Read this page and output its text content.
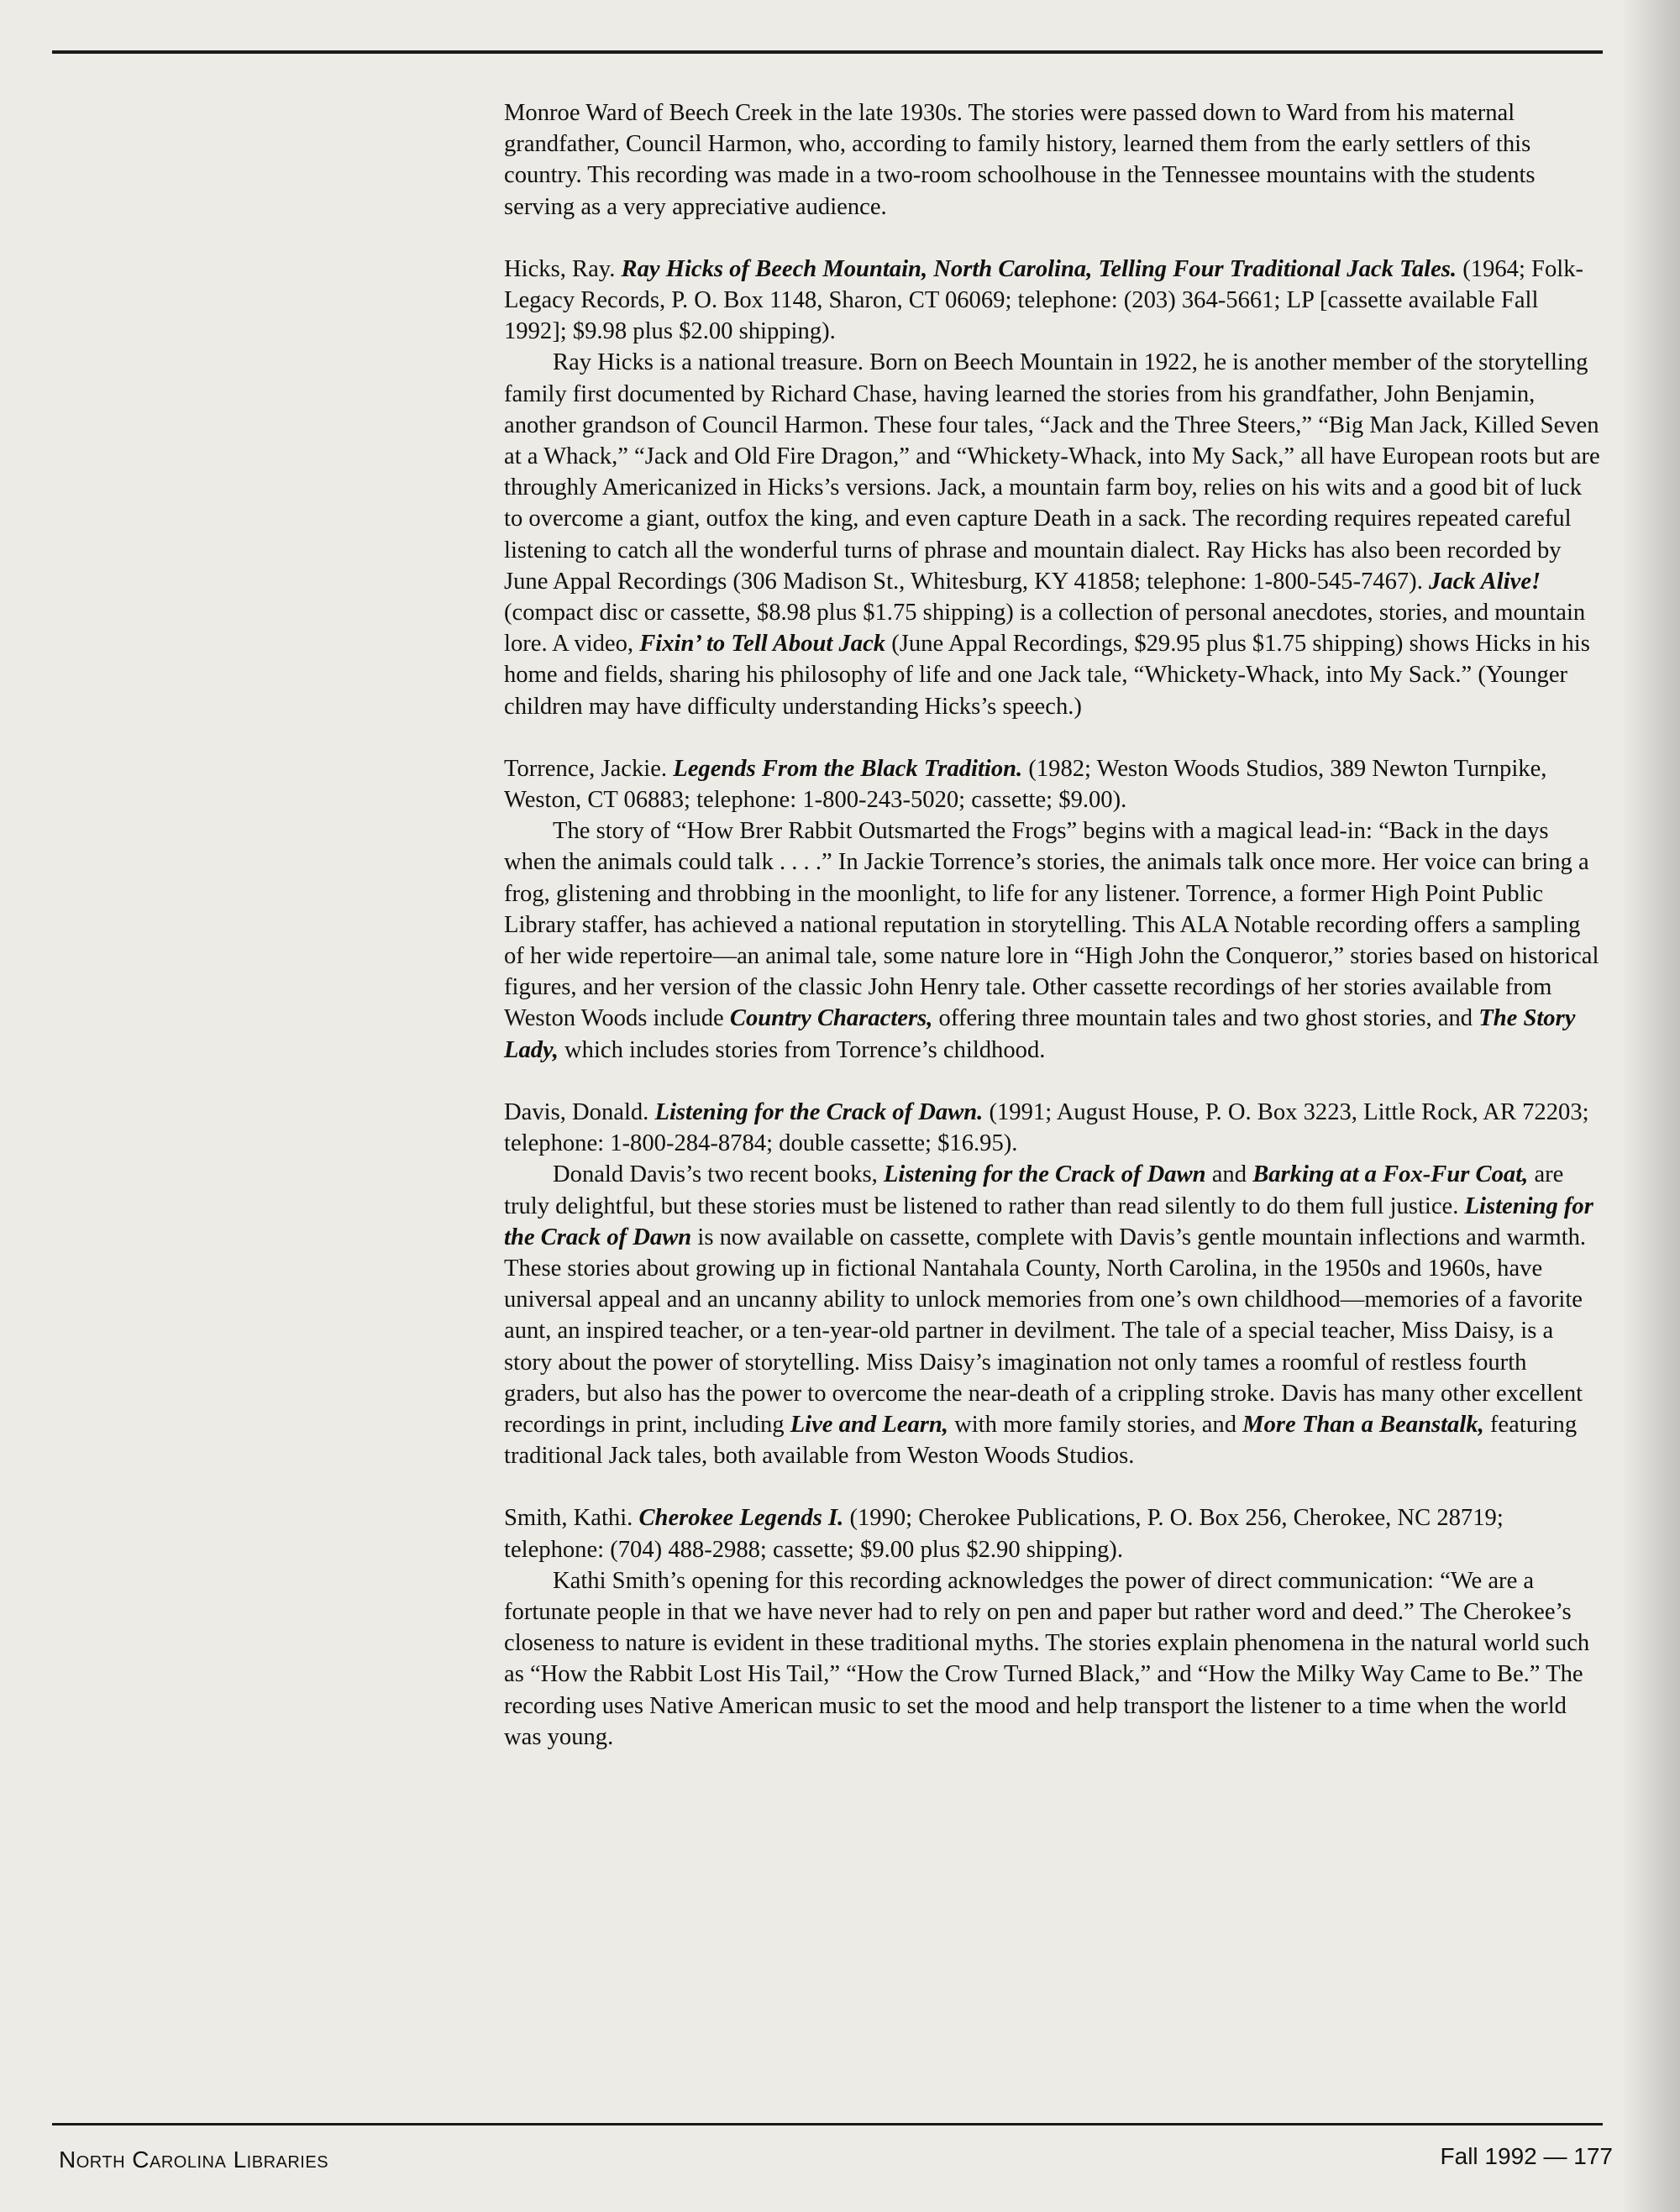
Monroe Ward of Beech Creek in the late 1930s. The stories were passed down to Ward from his maternal grandfather, Council Harmon, who, according to family history, learned them from the early settlers of this country. This recording was made in a two-room schoolhouse in the Tennessee mountains with the students serving as a very appreciative audience.

Hicks, Ray. Ray Hicks of Beech Mountain, North Carolina, Telling Four Traditional Jack Tales. (1964; Folk-Legacy Records, P. O. Box 1148, Sharon, CT 06069; telephone: (203) 364-5661; LP [cassette available Fall 1992]; $9.98 plus $2.00 shipping).

Ray Hicks is a national treasure. Born on Beech Mountain in 1922, he is another member of the storytelling family first documented by Richard Chase, having learned the stories from his grandfather, John Benjamin, another grandson of Council Harmon. These four tales, “Jack and the Three Steers,” “Big Man Jack, Killed Seven at a Whack,” “Jack and Old Fire Dragon,” and “Whickety-Whack, into My Sack,” all have European roots but are throughly Americanized in Hicks’s versions. Jack, a mountain farm boy, relies on his wits and a good bit of luck to overcome a giant, outfox the king, and even capture Death in a sack. The recording requires repeated careful listening to catch all the wonderful turns of phrase and mountain dialect. Ray Hicks has also been recorded by June Appal Recordings (306 Madison St., Whitesburg, KY 41858; telephone: 1-800-545-7467). Jack Alive! (compact disc or cassette, $8.98 plus $1.75 shipping) is a collection of personal anecdotes, stories, and mountain lore. A video, Fixin’ to Tell About Jack (June Appal Recordings, $29.95 plus $1.75 shipping) shows Hicks in his home and fields, sharing his philosophy of life and one Jack tale, “Whickety-Whack, into My Sack.” (Younger children may have difficulty understanding Hicks’s speech.)

Torrence, Jackie. Legends From the Black Tradition. (1982; Weston Woods Studios, 389 Newton Turnpike, Weston, CT 06883; telephone: 1-800-243-5020; cassette; $9.00).

The story of “How Brer Rabbit Outsmarted the Frogs” begins with a magical lead-in: “Back in the days when the animals could talk . . . .” In Jackie Torrence’s stories, the animals talk once more. Her voice can bring a frog, glistening and throbbing in the moonlight, to life for any listener. Torrence, a former High Point Public Library staffer, has achieved a national reputation in storytelling. This ALA Notable recording offers a sampling of her wide repertoire—an animal tale, some nature lore in “High John the Conqueror,” stories based on historical figures, and her version of the classic John Henry tale. Other cassette recordings of her stories available from Weston Woods include Country Characters, offering three mountain tales and two ghost stories, and The Story Lady, which includes stories from Torrence’s childhood.

Davis, Donald. Listening for the Crack of Dawn. (1991; August House, P. O. Box 3223, Little Rock, AR 72203; telephone: 1-800-284-8784; double cassette; $16.95).

Donald Davis’s two recent books, Listening for the Crack of Dawn and Barking at a Fox-Fur Coat, are truly delightful, but these stories must be listened to rather than read silently to do them full justice. Listening for the Crack of Dawn is now available on cassette, complete with Davis’s gentle mountain inflections and warmth. These stories about growing up in fictional Nantahala County, North Carolina, in the 1950s and 1960s, have universal appeal and an uncanny ability to unlock memories from one’s own childhood—memories of a favorite aunt, an inspired teacher, or a ten-year-old partner in devilment. The tale of a special teacher, Miss Daisy, is a story about the power of storytelling. Miss Daisy’s imagination not only tames a roomful of restless fourth graders, but also has the power to overcome the near-death of a crippling stroke. Davis has many other excellent recordings in print, including Live and Learn, with more family stories, and More Than a Beanstalk, featuring traditional Jack tales, both available from Weston Woods Studios.

Smith, Kathi. Cherokee Legends I. (1990; Cherokee Publications, P. O. Box 256, Cherokee, NC 28719; telephone: (704) 488-2988; cassette; $9.00 plus $2.90 shipping).

Kathi Smith’s opening for this recording acknowledges the power of direct communication: “We are a fortunate people in that we have never had to rely on pen and paper but rather word and deed.” The Cherokee’s closeness to nature is evident in these traditional myths. The stories explain phenomena in the natural world such as “How the Rabbit Lost His Tail,” “How the Crow Turned Black,” and “How the Milky Way Came to Be.” The recording uses Native American music to set the mood and help transport the listener to a time when the world was young.

North Carolina Libraries	Fall 1992 — 177
